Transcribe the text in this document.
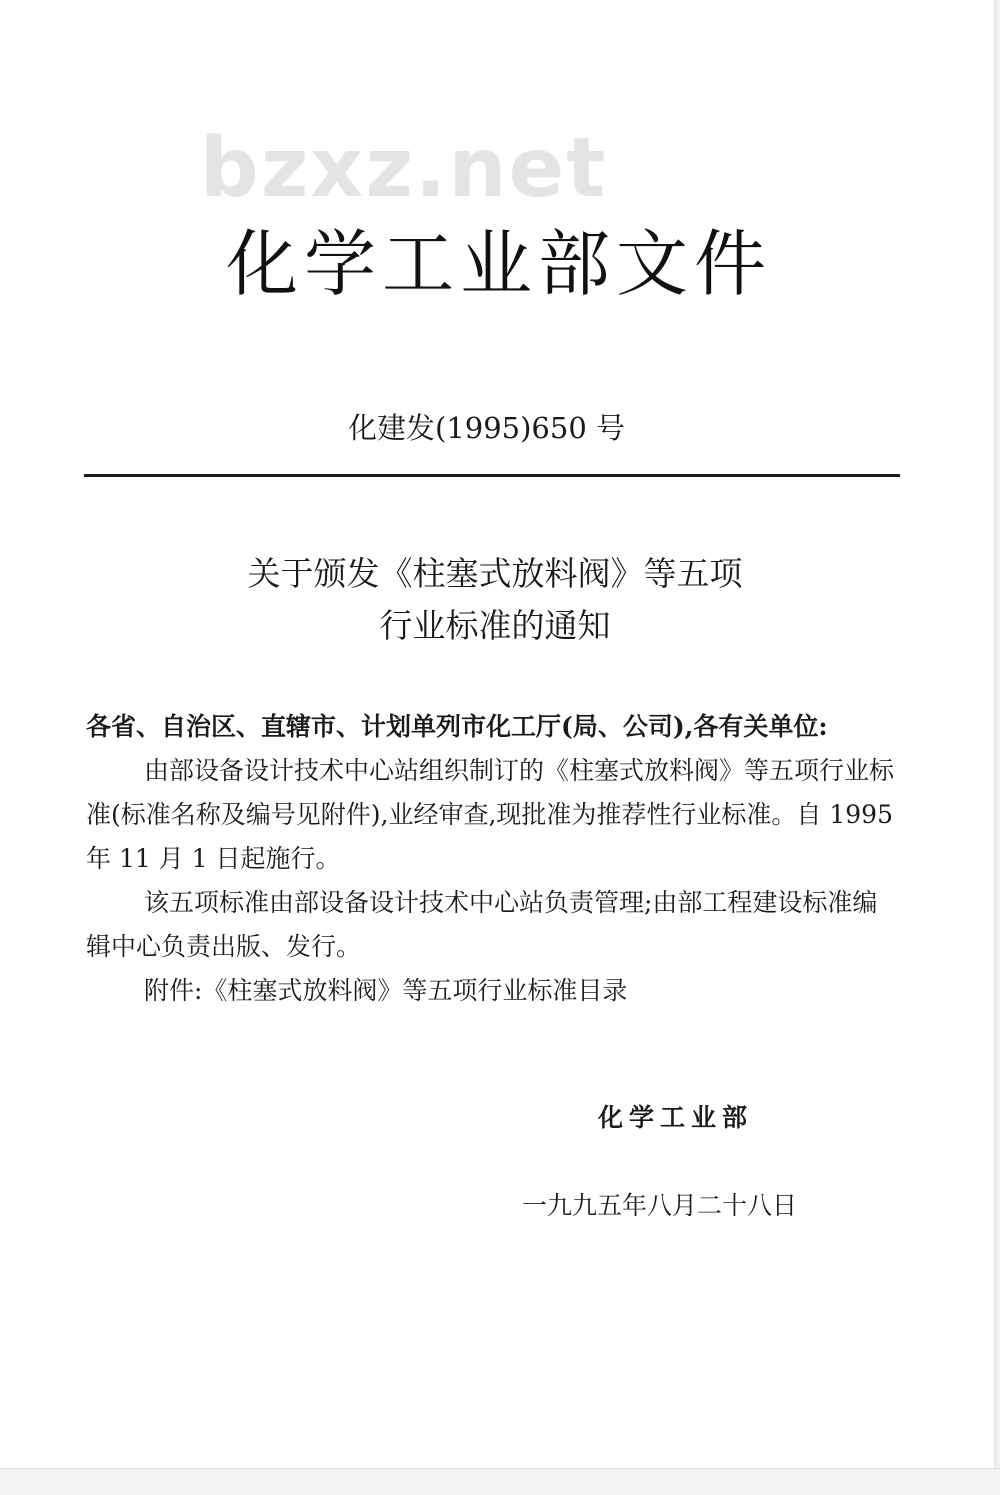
bzxz.net
化学工业部文件
化建发(1995)650 号
关于颁发《柱塞式放料阀》等五项
行业标准的通知

各省、自治区、直辖市、计划单列市化工厅(局、公司),各有关单位:

由部设备设计技术中心站组织制订的《柱塞式放料阀》等五项行业标准(标准名称及编号见附件),业经审查,现批准为推荐性行业标准。自 1995 年 11 月 1 日起施行。

该五项标准由部设备设计技术中心站负责管理;由部工程建设标准编辑中心负责出版、发行。

附件:《柱塞式放料阀》等五项行业标准目录

化学工业部
一九九五年八月二十八日
